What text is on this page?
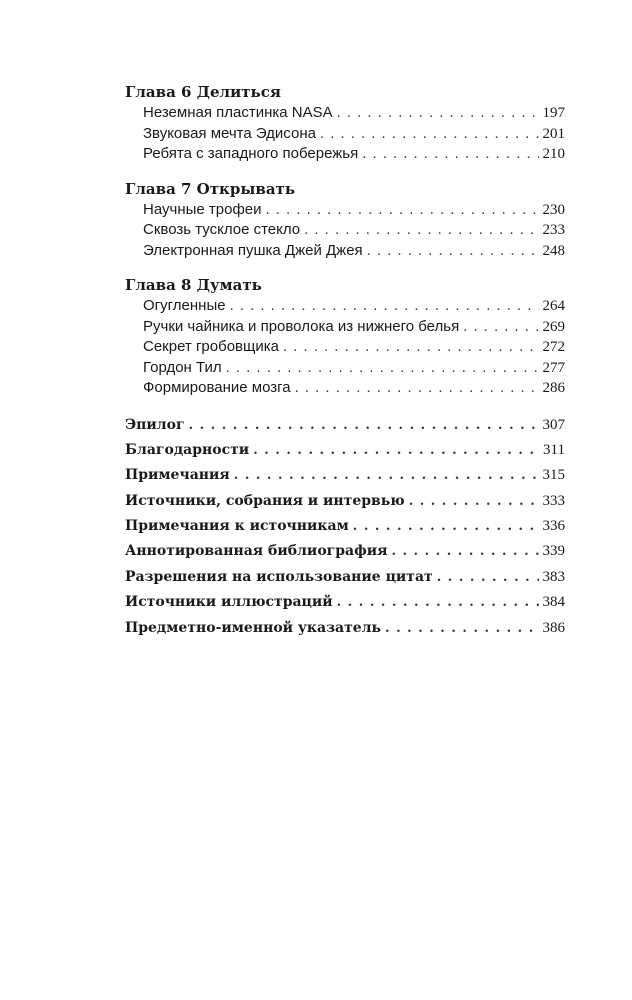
Глава 6 Делиться
Неземная пластинка NASA . . .	197
Звуковая мечта Эдисона . . .	201
Ребята с западного побережья . . .	210
Глава 7 Открывать
Научные трофеи . . .	230
Сквозь тусклое стекло . . .	233
Электронная пушка Джей Джея . . .	248
Глава 8 Думать
Огугленные . . .	264
Ручки чайника и проволока из нижнего белья . . .	269
Секрет гробовщика . . .	272
Гордон Тил . . .	277
Формирование мозга . . .	286
Эпилог . . .	307
Благодарности . . .	311
Примечания . . .	315
Источники, собрания и интервью . . .	333
Примечания к источникам . . .	336
Аннотированная библиография . . .	339
Разрешения на использование цитат . . .	383
Источники иллюстраций . . .	384
Предметно-именной указатель . . .	386
